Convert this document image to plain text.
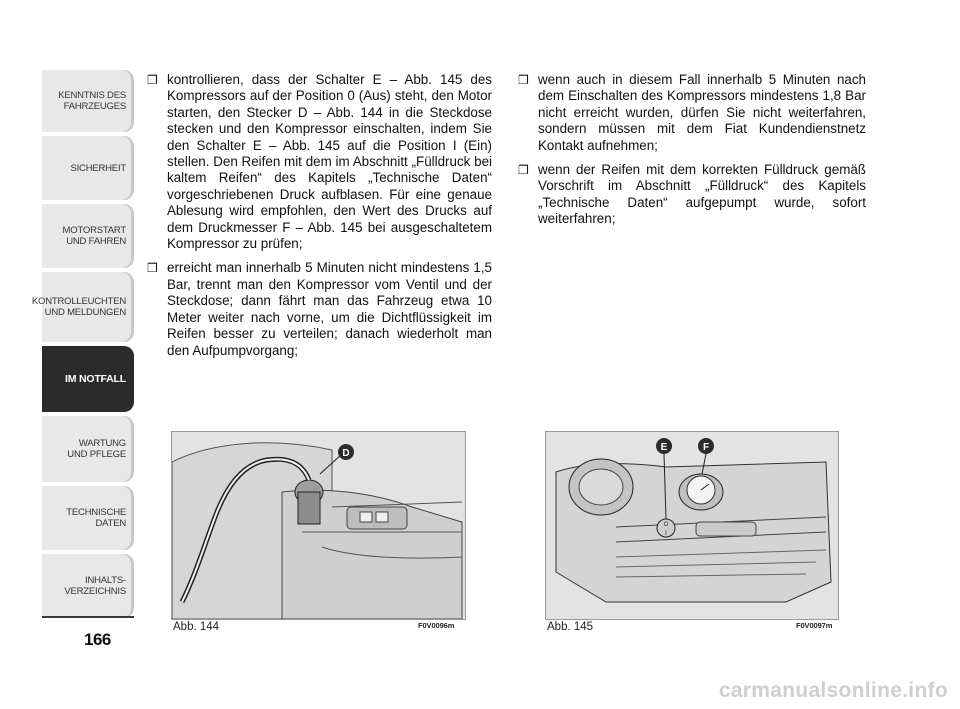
KENNTNIS DES
FAHRZEUGES
SICHERHEIT
MOTORSTART
UND FAHREN
KONTROLLEUCHTEN
UND MELDUNGEN
IM NOTFALL
WARTUNG
UND PFLEGE
TECHNISCHE DATEN
INHALTS-
VERZEICHNIS
166
❒ kontrollieren, dass der Schalter E – Abb. 145 des Kompressors auf der Position 0 (Aus) steht, den Motor starten, den Stecker D – Abb. 144 in die Steckdose stecken und den Kompressor einschalten, indem Sie den Schalter E – Abb. 145 auf die Position I (Ein) stellen. Den Reifen mit dem im Abschnitt „Fülldruck bei kaltem Reifen“ des Kapitels „Technische Daten“ vorgeschriebenen Druck aufblasen. Für eine genaue Ablesung wird empfohlen, den Wert des Drucks auf dem Druckmesser F – Abb. 145 bei ausgeschaltetem Kompressor zu prüfen;
❒ erreicht man innerhalb 5 Minuten nicht mindestens 1,5 Bar, trennt man den Kompressor vom Ventil und der Steckdose; dann fährt man das Fahrzeug etwa 10 Meter weiter nach vorne, um die Dichtflüssigkeit im Reifen besser zu verteilen; danach wiederholt man den Aufpumpvorgang;
❒ wenn auch in diesem Fall innerhalb 5 Minuten nach dem Einschalten des Kompressors mindestens 1,8 Bar nicht erreicht wurden, dürfen Sie nicht weiterfahren, sondern müssen mit dem Fiat Kundendienstnetz Kontakt aufnehmen;
❒ wenn der Reifen mit dem korrekten Fülldruck gemäß Vorschrift im Abschnitt „Fülldruck“ des Kapitels „Technische Daten“ aufgepumpt wurde, sofort weiterfahren;
D
Abb. 144	F0V0096m
O
I
E	F
Abb. 145	F0V0097m
carmanualsonline.info
